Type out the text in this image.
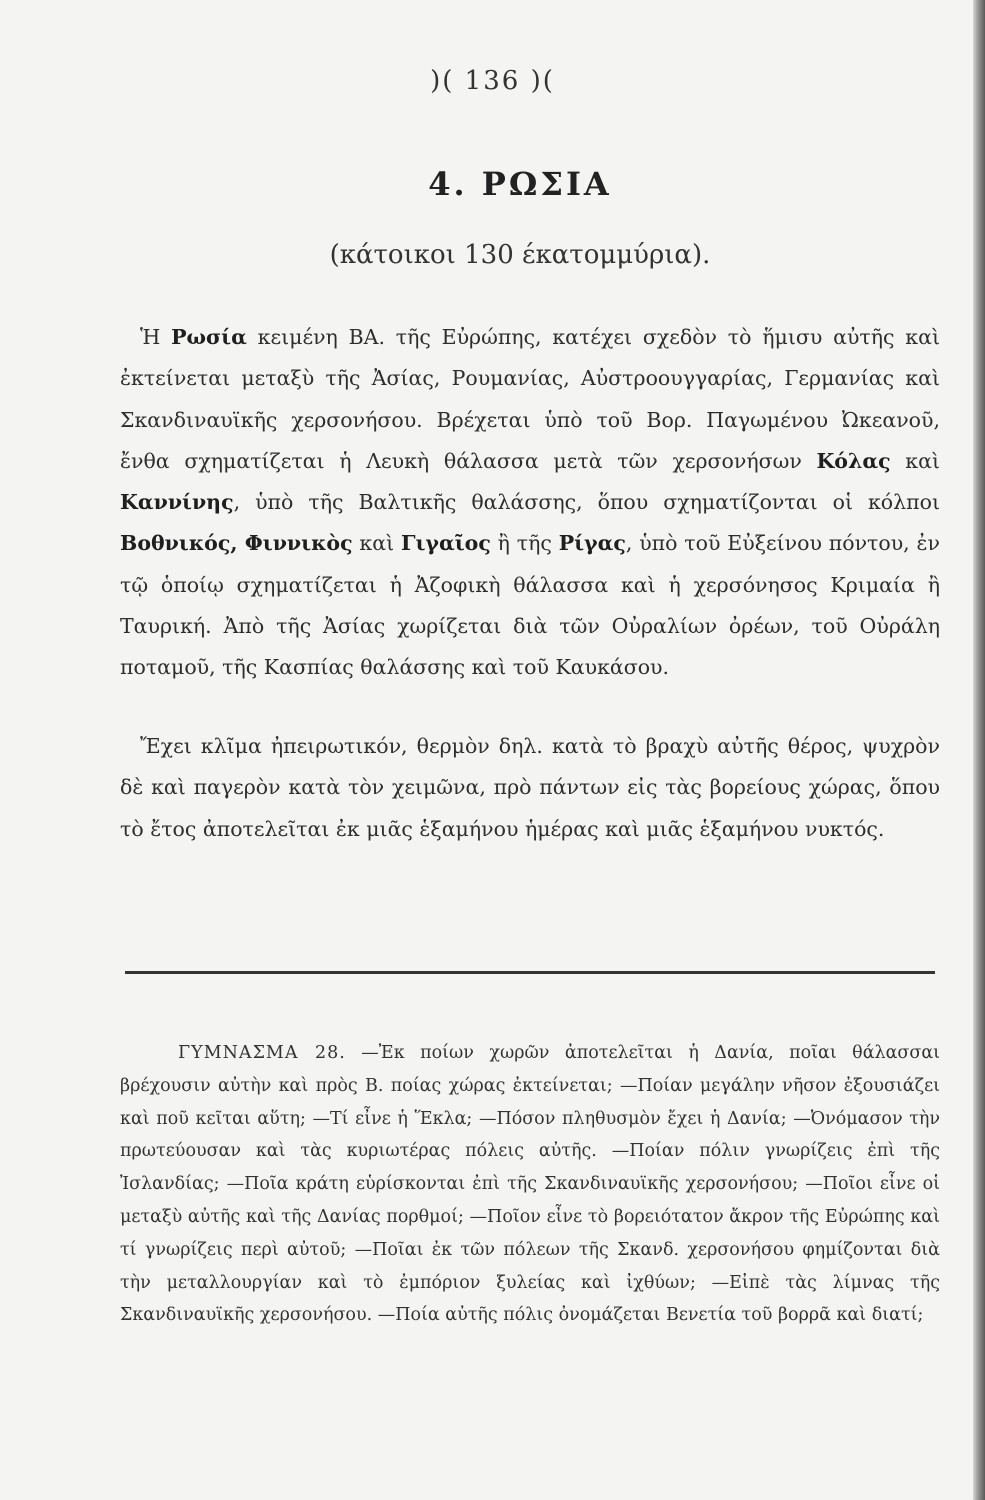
)( 136 )(
4. ΡΩΣΙΑ
(κάτοικοι 130 έκατομμύρια).
Ἡ Ρωσία κειμένη ΒΑ. τῆς Εὐρώπης, κατέχει σχεδὸν τὸ ἥμισυ αὐτῆς καὶ ἐκτείνεται μεταξὺ τῆς Ἀσίας, Ρουμανίας, Αὐστροουγγαρίας, Γερμανίας καὶ Σκανδιναυϊκῆς χερσονήσου. Βρέχεται ὑπὸ τοῦ Βορ. Παγωμένου Ὠκεανοῦ, ἔνθα σχηματίζεται ἡ Λευκὴ θάλασσα μετὰ τῶν χερσονήσων Κόλας καὶ Καννίνης, ὑπὸ τῆς Βαλτικῆς θαλάσσης, ὅπου σχηματίζονται οἱ κόλποι Βοθνικός, Φιννικὸς καὶ Γιγαῖος ἢ τῆς Ρίγας, ὑπὸ τοῦ Εὐξείνου πόντου, ἐν τῷ ὁποίῳ σχηματίζεται ἡ Ἀζοφικὴ θάλασσα καὶ ἡ χερσόνησος Κριμαία ἢ Ταυρική. Ἀπὸ τῆς Ἀσίας χωρίζεται διὰ τῶν Οὐραλίων ὀρέων, τοῦ Οὐράλη ποταμοῦ, τῆς Κασπίας θαλάσσης καὶ τοῦ Καυκάσου.
Ἔχει κλῖμα ἠπειρωτικόν, θερμὸν δηλ. κατὰ τὸ βραχὺ αὐτῆς θέρος, ψυχρὸν δὲ καὶ παγερὸν κατὰ τὸν χειμῶνα, πρὸ πάντων εἰς τὰς βορείους χώρας, ὅπου τὸ ἔτος ἀποτελεῖται ἐκ μιᾶς ἑξαμήνου ἡμέρας καὶ μιᾶς ἑξαμήνου νυκτός.
ΓΥΜΝΑΣΜΑ 28. —Ἐκ ποίων χωρῶν ἀποτελεῖται ἡ Δανία, ποῖαι θάλασσαι βρέχουσιν αὐτὴν καὶ πρὸς Β. ποίας χώρας ἐκτείνεται; —Ποίαν μεγάλην νῆσον ἐξουσιάζει καὶ ποῦ κεῖται αὕτη; —Τί εἶνε ἡ Ἕκλα; —Πόσον πληθυσμὸν ἔχει ἡ Δανία; —Ὀνόμασον τὴν πρωτεύουσαν καὶ τὰς κυριωτέρας πόλεις αὐτῆς. —Ποίαν πόλιν γνωρίζεις ἐπὶ τῆς Ἰσλανδίας; —Ποῖα κράτη εὑρίσκονται ἐπὶ τῆς Σκανδιναυϊκῆς χερσονήσου; —Ποῖοι εἶνε οἱ μεταξὺ αὐτῆς καὶ τῆς Δανίας πορθμοί; —Ποῖον εἶνε τὸ βορειότατον ἄκρον τῆς Εὐρώπης καὶ τί γνωρίζεις περὶ αὐτοῦ; —Ποῖαι ἐκ τῶν πόλεων τῆς Σκανδ. χερσονήσου φημίζονται διὰ τὴν μεταλλουργίαν καὶ τὸ ἐμπόριον ξυλείας καὶ ἰχθύων; —Εἰπὲ τὰς λίμνας τῆς Σκανδιναυϊκῆς χερσονήσου. —Ποία αὐτῆς πόλις ὀνομάζεται Βενετία τοῦ βορρᾶ καὶ διατί;
